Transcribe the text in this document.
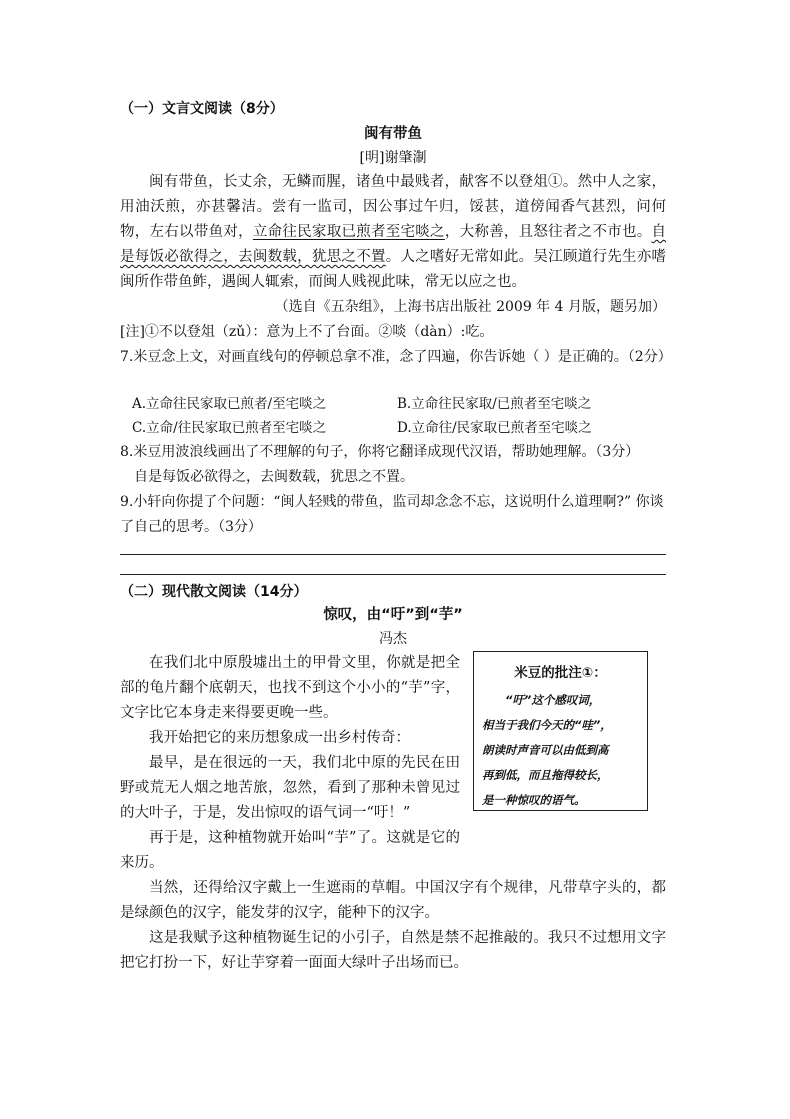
（一）文言文阅读（8分）
闽有带鱼
[明]谢肇淛

闽有带鱼，长丈余，无鳞而腥，诸鱼中最贱者，献客不以登俎①。然中人之家，用油沃煎，亦甚馨洁。尝有一监司，因公事过午归，馁甚，道傍闻香气甚烈，问何物，左右以带鱼对，立命往民家取已煎者至宅啖之，大称善，且怒往者之不市也。自是每饭必欲得之，去闽数载，犹思之不置。人之嗜好无常如此。吴江顾道行先生亦嗜闽所作带鱼鲊，遇闽人辄索，而闽人贱视此味，常无以应之也。

（选自《五杂组》，上海书店出版社 2009 年 4 月版，题另加）
[注]①不以登俎（zǔ）：意为上不了台面。②啖（dàn）:吃。
7.米豆念上文，对画直线句的停顿总拿不准，念了四遍，你告诉她（ ）是正确的。（2分）
A.立命往民家取已煎者/至宅啖之	B.立命往民家取/已煎者至宅啖之
C.立命/往民家取已煎者至宅啖之	D.立命往/民家取已煎者至宅啖之
8.米豆用波浪线画出了不理解的句子，你将它翻译成现代汉语，帮助她理解。（3分）
自是每饭必欲得之，去闽数载，犹思之不置。
9.小轩向你提了个问题：“闽人轻贱的带鱼，监司却念念不忘，这说明什么道理啊?” 你谈
了自己的思考。（3分）
（二）现代散文阅读（14分）
惊叹，由“吁”到“芋”
冯杰

在我们北中原殷墟出土的甲骨文里，你就是把全部的龟片翻个底朝天，也找不到这个小小的“芋”字，文字比它本身走来得要更晚一些。

我开始把它的来历想象成一出乡村传奇：

最早，是在很远的一天，我们北中原的先民在田野或荒无人烟之地苦旅，忽然，看到了那种未曾见过的大叶子，于是，发出惊叹的语气词一“吁！”

再于是，这种植物就开始叫“芋”了。这就是它的来历。

米豆的批注①：
“吁”这个感叹词，
相当于我们今天的“哇”，
朗读时声音可以由低到高
再到低，而且拖得较长，
是一种惊叹的语气。

当然，还得给汉字戴上一生遮雨的草帽。中国汉字有个规律，凡带草字头的，都是绿颜色的汉字，能发芽的汉字，能种下的汉字。

这是我赋予这种植物诞生记的小引子，自然是禁不起推敲的。我只不过想用文字把它打扮一下，好让芋穿着一面面大绿叶子出场而已。
